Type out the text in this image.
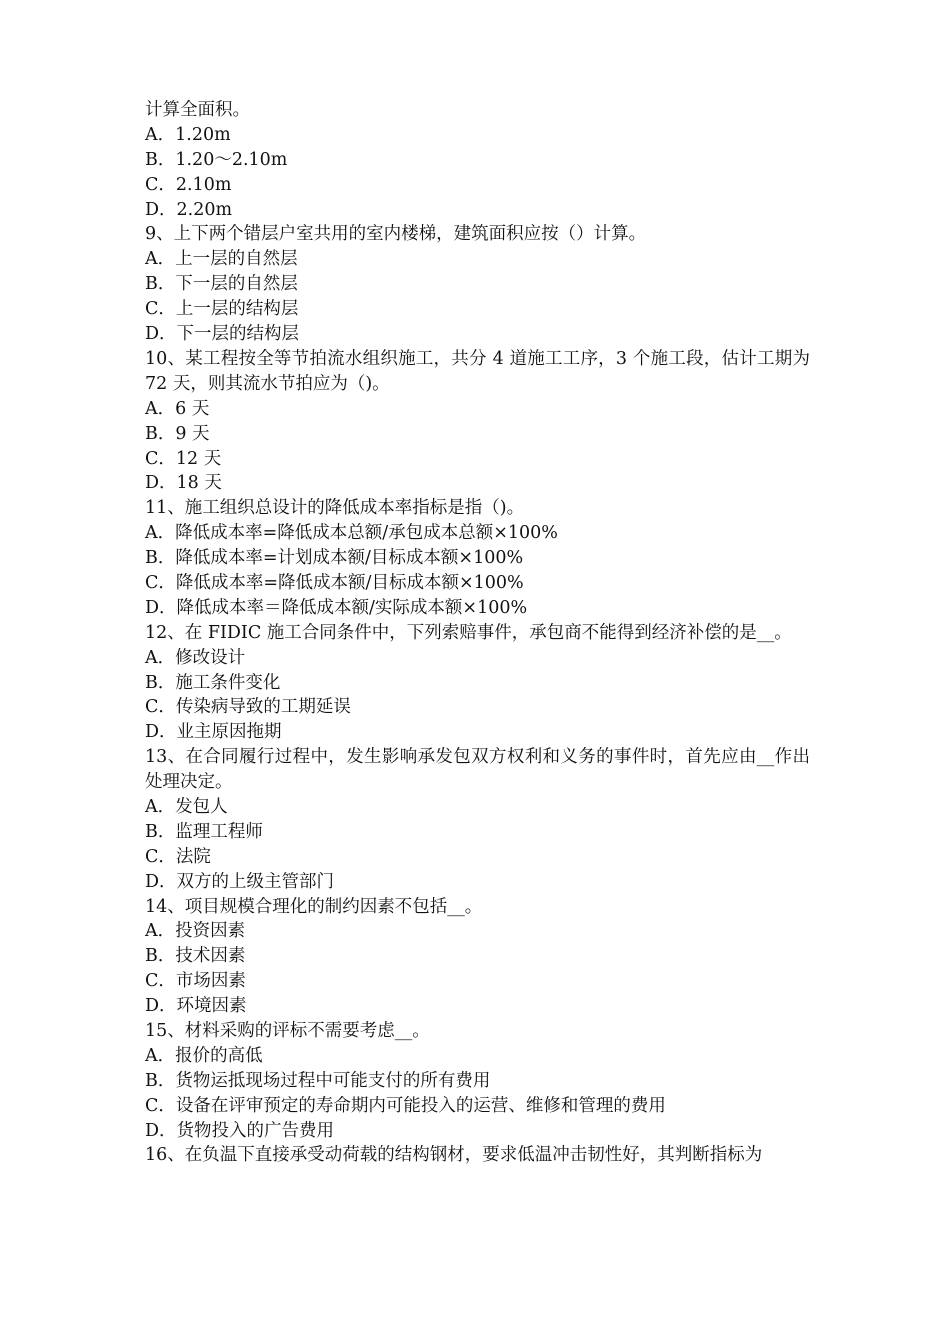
计算全面积。
A．1.20m
B．1.20～2.10m
C．2.10m
D．2.20m
9、上下两个错层户室共用的室内楼梯，建筑面积应按（）计算。
A．上一层的自然层
B．下一层的自然层
C．上一层的结构层
D．下一层的结构层
10、某工程按全等节拍流水组织施工，共分 4 道施工工序，3 个施工段，估计工期为 72 天，则其流水节拍应为（)。
A．6 天
B．9 天
C．12 天
D．18 天
11、施工组织总设计的降低成本率指标是指（)。
A．降低成本率=降低成本总额/承包成本总额×100%
B．降低成本率=计划成本额/目标成本额×100%
C．降低成本率=降低成本额/目标成本额×100%
D．降低成本率＝降低成本额/实际成本额×100%
12、在 FIDIC 施工合同条件中，下列索赔事件，承包商不能得到经济补偿的是__。
A．修改设计
B．施工条件变化
C．传染病导致的工期延误
D．业主原因拖期
13、在合同履行过程中，发生影响承发包双方权利和义务的事件时，首先应由__作出处理决定。
A．发包人
B．监理工程师
C．法院
D．双方的上级主管部门
14、项目规模合理化的制约因素不包括__。
A．投资因素
B．技术因素
C．市场因素
D．环境因素
15、材料采购的评标不需要考虑__。
A．报价的高低
B．货物运抵现场过程中可能支付的所有费用
C．设备在评审预定的寿命期内可能投入的运营、维修和管理的费用
D．货物投入的广告费用
16、在负温下直接承受动荷载的结构钢材，要求低温冲击韧性好，其判断指标为
